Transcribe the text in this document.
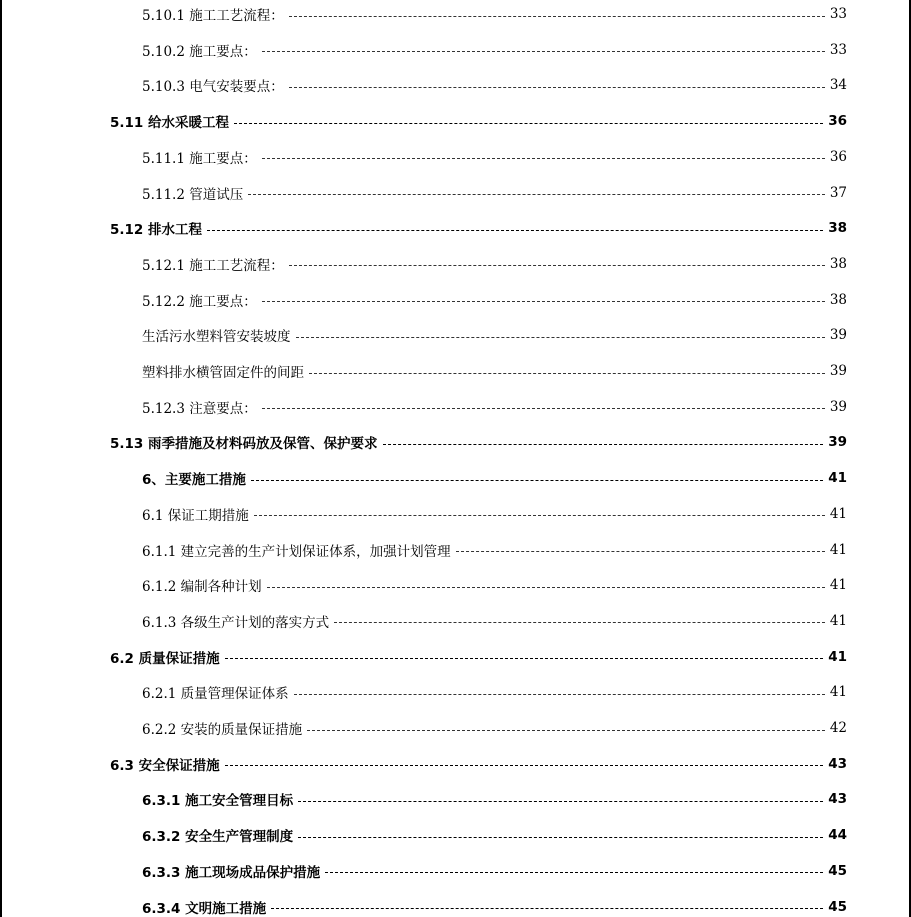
5.10.1 施工工艺流程：	33
5.10.2 施工要点：	33
5.10.3 电气安装要点：	34
5.11 给水采暖工程	36
5.11.1 施工要点：	36
5.11.2 管道试压	37
5.12 排水工程	38
5.12.1 施工工艺流程：	38
5.12.2 施工要点：	38
生活污水塑料管安装坡度	39
塑料排水横管固定件的间距	39
5.12.3 注意要点：	39
5.13 雨季措施及材料码放及保管、保护要求	39
6、主要施工措施	41
6.1 保证工期措施	41
6.1.1 建立完善的生产计划保证体系，加强计划管理	41
6.1.2 编制各种计划	41
6.1.3 各级生产计划的落实方式	41
6.2 质量保证措施	41
6.2.1 质量管理保证体系	41
6.2.2 安装的质量保证措施	42
6.3 安全保证措施	43
6.3.1 施工安全管理目标	43
6.3.2 安全生产管理制度	44
6.3.3 施工现场成品保护措施	45
6.3.4 文明施工措施	45
